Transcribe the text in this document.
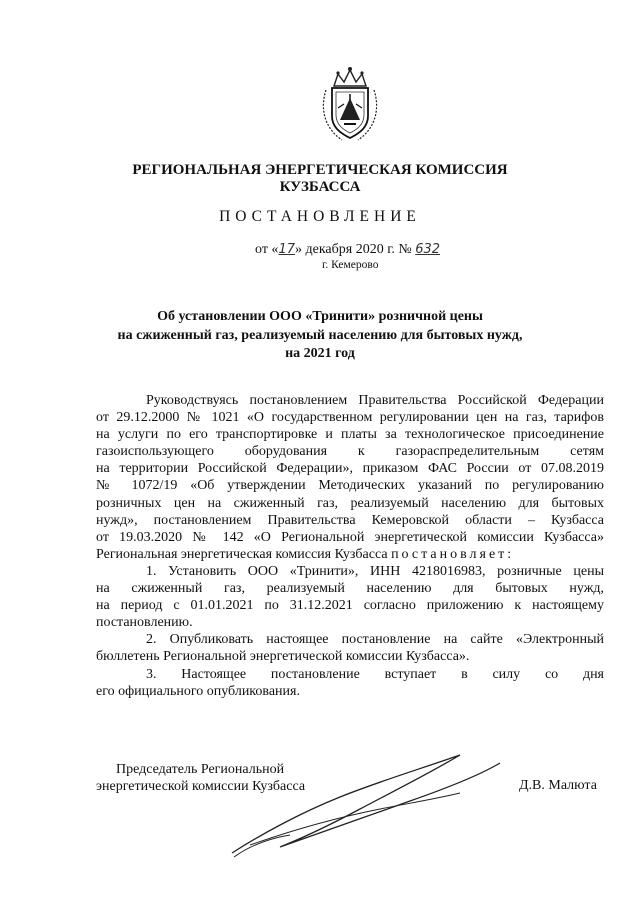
РЕГИОНАЛЬНАЯ ЭНЕРГЕТИЧЕСКАЯ КОМИССИЯ
КУЗБАССА
ПОСТАНОВЛЕНИЕ
от «17» декабря 2020 г. № 632
г. Кемерово
Об установлении ООО «Тринити» розничной цены
на сжиженный газ, реализуемый населению для бытовых нужд,
на 2021 год
Руководствуясь постановлением Правительства Российской Федерации
от 29.12.2000 № 1021 «О государственном регулировании цен на газ, тарифов
на услуги по его транспортировке и платы за технологическое присоединение
газоиспользующего оборудования к газораспределительным сетям
на территории Российской Федерации», приказом ФАС России от 07.08.2019
№ 1072/19 «Об утверждении Методических указаний по регулированию
розничных цен на сжиженный газ, реализуемый населению для бытовых
нужд», постановлением Правительства Кемеровской области – Кузбасса
от 19.03.2020 № 142 «О Региональной энергетической комиссии Кузбасса»
Региональная энергетическая комиссия Кузбасса постановляет:
1. Установить ООО «Тринити», ИНН 4218016983, розничные цены
на сжиженный газ, реализуемый населению для бытовых нужд,
на период с 01.01.2021 по 31.12.2021 согласно приложению к настоящему
постановлению.
2. Опубликовать настоящее постановление на сайте «Электронный
бюллетень Региональной энергетической комиссии Кузбасса».
3. Настоящее постановление вступает в силу со дня
его официального опубликования.
Председатель Региональной
энергетической комиссии Кузбасса	Д.В. Малюта
